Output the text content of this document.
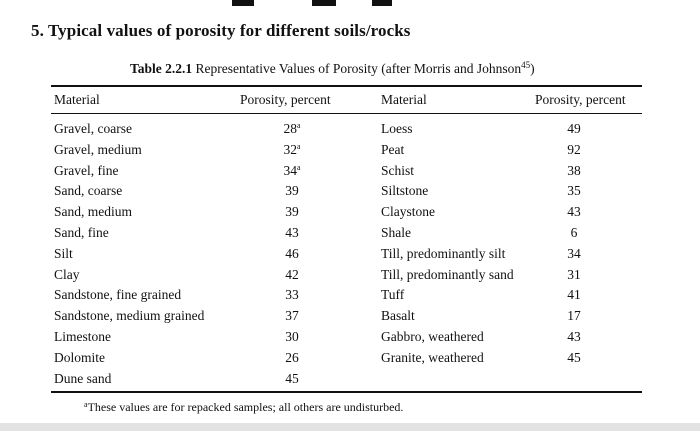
5. Typical values of porosity for different soils/rocks
Table 2.2.1 Representative Values of Porosity (after Morris and Johnson$^{45}$)
Material	Porosity, percent	Material	Porosity, percent
Gravel, coarse	28$^a$	Loess	49
Gravel, medium	32$^a$	Peat	92
Gravel, fine	34$^a$	Schist	38
Sand, coarse	39	Siltstone	35
Sand, medium	39	Claystone	43
Sand, fine	43	Shale	6
Silt	46	Till, predominantly silt	34
Clay	42	Till, predominantly sand	31
Sandstone, fine grained	33	Tuff	41
Sandstone, medium grained	37	Basalt	17
Limestone	30	Gabbro, weathered	43
Dolomite	26	Granite, weathered	45
Dune sand	45
$^a$These values are for repacked samples; all others are undisturbed.
